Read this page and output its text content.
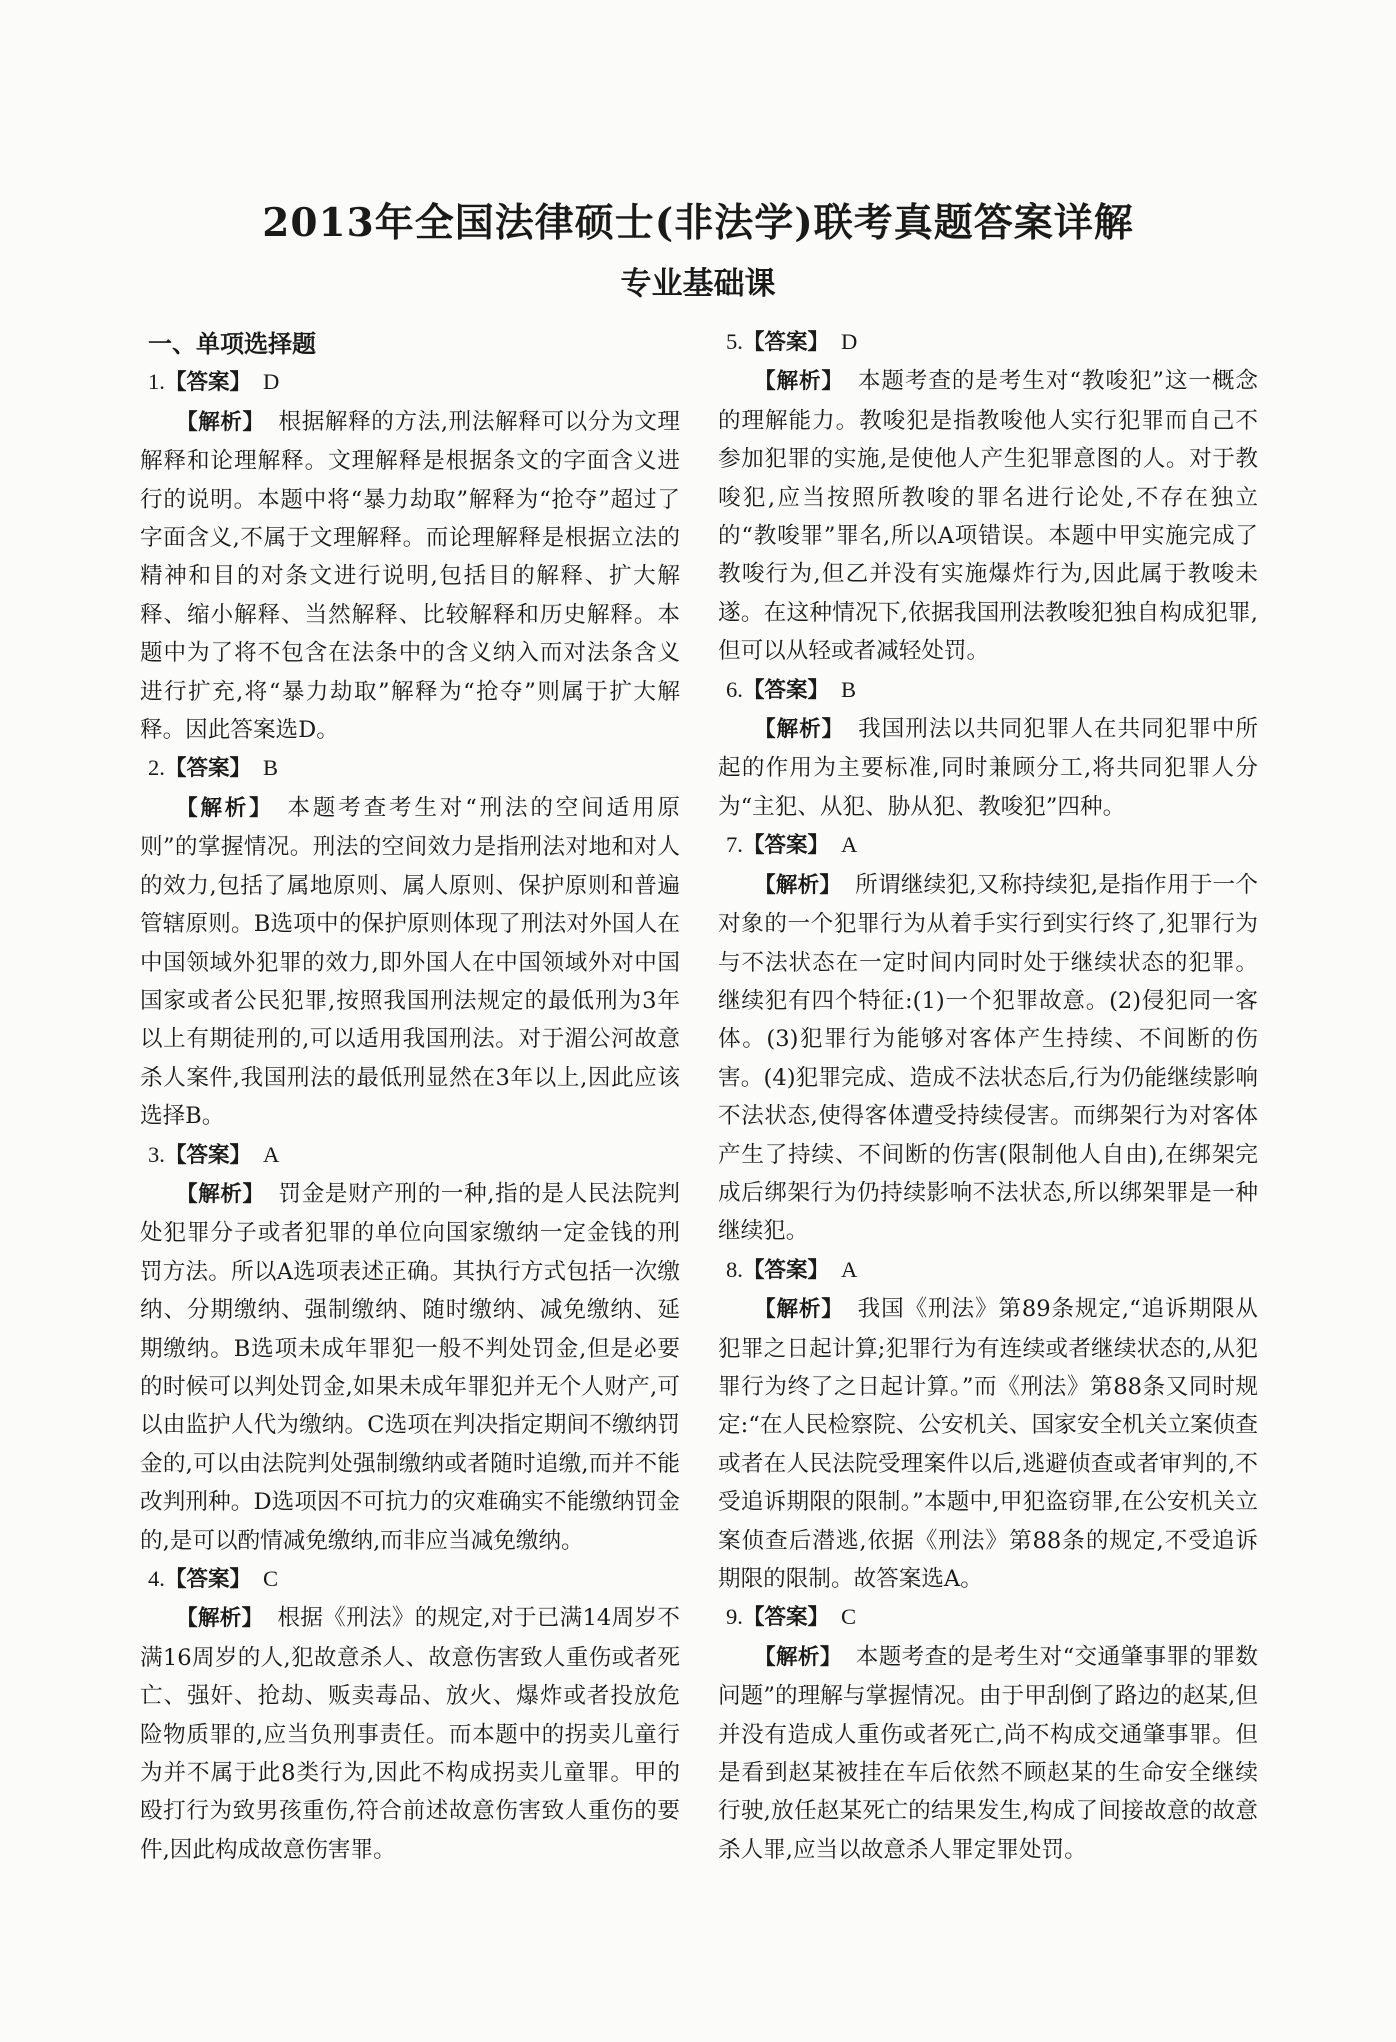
2013年全国法律硕士(非法学)联考真题答案详解
专业基础课

一、单项选择题

1.【答案】 D

【解析】 根据解释的方法,刑法解释可以分为文理解释和论理解释。文理解释是根据条文的字面含义进行的说明。本题中将“暴力劫取”解释为“抢夺”超过了字面含义,不属于文理解释。而论理解释是根据立法的精神和目的对条文进行说明,包括目的解释、扩大解释、缩小解释、当然解释、比较解释和历史解释。本题中为了将不包含在法条中的含义纳入而对法条含义进行扩充,将“暴力劫取”解释为“抢夺”则属于扩大解释。因此答案选D。

2.【答案】 B

【解析】 本题考查考生对“刑法的空间适用原则”的掌握情况。刑法的空间效力是指刑法对地和对人的效力,包括了属地原则、属人原则、保护原则和普遍管辖原则。B选项中的保护原则体现了刑法对外国人在中国领域外犯罪的效力,即外国人在中国领域外对中国国家或者公民犯罪,按照我国刑法规定的最低刑为3年以上有期徒刑的,可以适用我国刑法。对于湄公河故意杀人案件,我国刑法的最低刑显然在3年以上,因此应该选择B。

3.【答案】 A

【解析】 罚金是财产刑的一种,指的是人民法院判处犯罪分子或者犯罪的单位向国家缴纳一定金钱的刑罚方法。所以A选项表述正确。其执行方式包括一次缴纳、分期缴纳、强制缴纳、随时缴纳、减免缴纳、延期缴纳。B选项未成年罪犯一般不判处罚金,但是必要的时候可以判处罚金,如果未成年罪犯并无个人财产,可以由监护人代为缴纳。C选项在判决指定期间不缴纳罚金的,可以由法院判处强制缴纳或者随时追缴,而并不能改判刑种。D选项因不可抗力的灾难确实不能缴纳罚金的,是可以酌情减免缴纳,而非应当减免缴纳。

4.【答案】 C

【解析】 根据《刑法》的规定,对于已满14周岁不满16周岁的人,犯故意杀人、故意伤害致人重伤或者死亡、强奸、抢劫、贩卖毒品、放火、爆炸或者投放危险物质罪的,应当负刑事责任。而本题中的拐卖儿童行为并不属于此8类行为,因此不构成拐卖儿童罪。甲的殴打行为致男孩重伤,符合前述故意伤害致人重伤的要件,因此构成故意伤害罪。

5.【答案】 D

【解析】 本题考查的是考生对“教唆犯”这一概念的理解能力。教唆犯是指教唆他人实行犯罪而自己不参加犯罪的实施,是使他人产生犯罪意图的人。对于教唆犯,应当按照所教唆的罪名进行论处,不存在独立的“教唆罪”罪名,所以A项错误。本题中甲实施完成了教唆行为,但乙并没有实施爆炸行为,因此属于教唆未遂。在这种情况下,依据我国刑法教唆犯独自构成犯罪,但可以从轻或者减轻处罚。

6.【答案】 B

【解析】 我国刑法以共同犯罪人在共同犯罪中所起的作用为主要标准,同时兼顾分工,将共同犯罪人分为“主犯、从犯、胁从犯、教唆犯”四种。

7.【答案】 A

【解析】 所谓继续犯,又称持续犯,是指作用于一个对象的一个犯罪行为从着手实行到实行终了,犯罪行为与不法状态在一定时间内同时处于继续状态的犯罪。继续犯有四个特征:(1)一个犯罪故意。(2)侵犯同一客体。(3)犯罪行为能够对客体产生持续、不间断的伤害。(4)犯罪完成、造成不法状态后,行为仍能继续影响不法状态,使得客体遭受持续侵害。而绑架行为对客体产生了持续、不间断的伤害(限制他人自由),在绑架完成后绑架行为仍持续影响不法状态,所以绑架罪是一种继续犯。

8.【答案】 A

【解析】 我国《刑法》第89条规定,“追诉期限从犯罪之日起计算;犯罪行为有连续或者继续状态的,从犯罪行为终了之日起计算。”而《刑法》第88条又同时规定:“在人民检察院、公安机关、国家安全机关立案侦查或者在人民法院受理案件以后,逃避侦查或者审判的,不受追诉期限的限制。”本题中,甲犯盗窃罪,在公安机关立案侦查后潜逃,依据《刑法》第88条的规定,不受追诉期限的限制。故答案选A。

9.【答案】 C

【解析】 本题考查的是考生对“交通肇事罪的罪数问题”的理解与掌握情况。由于甲刮倒了路边的赵某,但并没有造成人重伤或者死亡,尚不构成交通肇事罪。但是看到赵某被挂在车后依然不顾赵某的生命安全继续行驶,放任赵某死亡的结果发生,构成了间接故意的故意杀人罪,应当以故意杀人罪定罪处罚。
